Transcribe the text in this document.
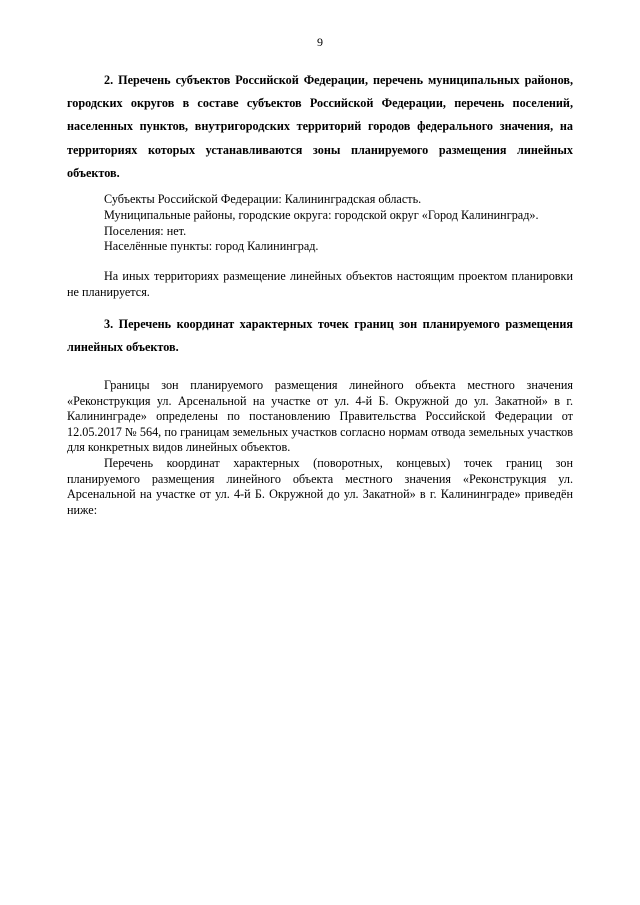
9
2. Перечень субъектов Российской Федерации, перечень муниципальных районов, городских округов в составе субъектов Российской Федерации, перечень поселений, населенных пунктов, внутригородских территорий городов федерального значения, на территориях которых устанавливаются зоны планируемого размещения линейных объектов.
Субъекты Российской Федерации: Калининградская область.
Муниципальные районы, городские округа: городской округ «Город Калининград».
Поселения: нет.
Населённые пункты: город Калининград.

На иных территориях размещение линейных объектов настоящим проектом планировки не планируется.

3. Перечень координат характерных точек границ зон планируемого размещения линейных объектов.

Границы зон планируемого размещения линейного объекта местного значения «Реконструкция ул. Арсенальной на участке от ул. 4-й Б. Окружной до ул. Закатной» в г. Калининграде» определены по постановлению Правительства Российской Федерации от 12.05.2017 № 564, по границам земельных участков согласно нормам отвода земельных участков для конкретных видов линейных объектов.

Перечень координат характерных (поворотных, концевых) точек границ зон планируемого размещения линейного объекта местного значения «Реконструкция ул. Арсенальной на участке от ул. 4-й Б. Окружной до ул. Закатной» в г. Калининграде» приведён ниже:
